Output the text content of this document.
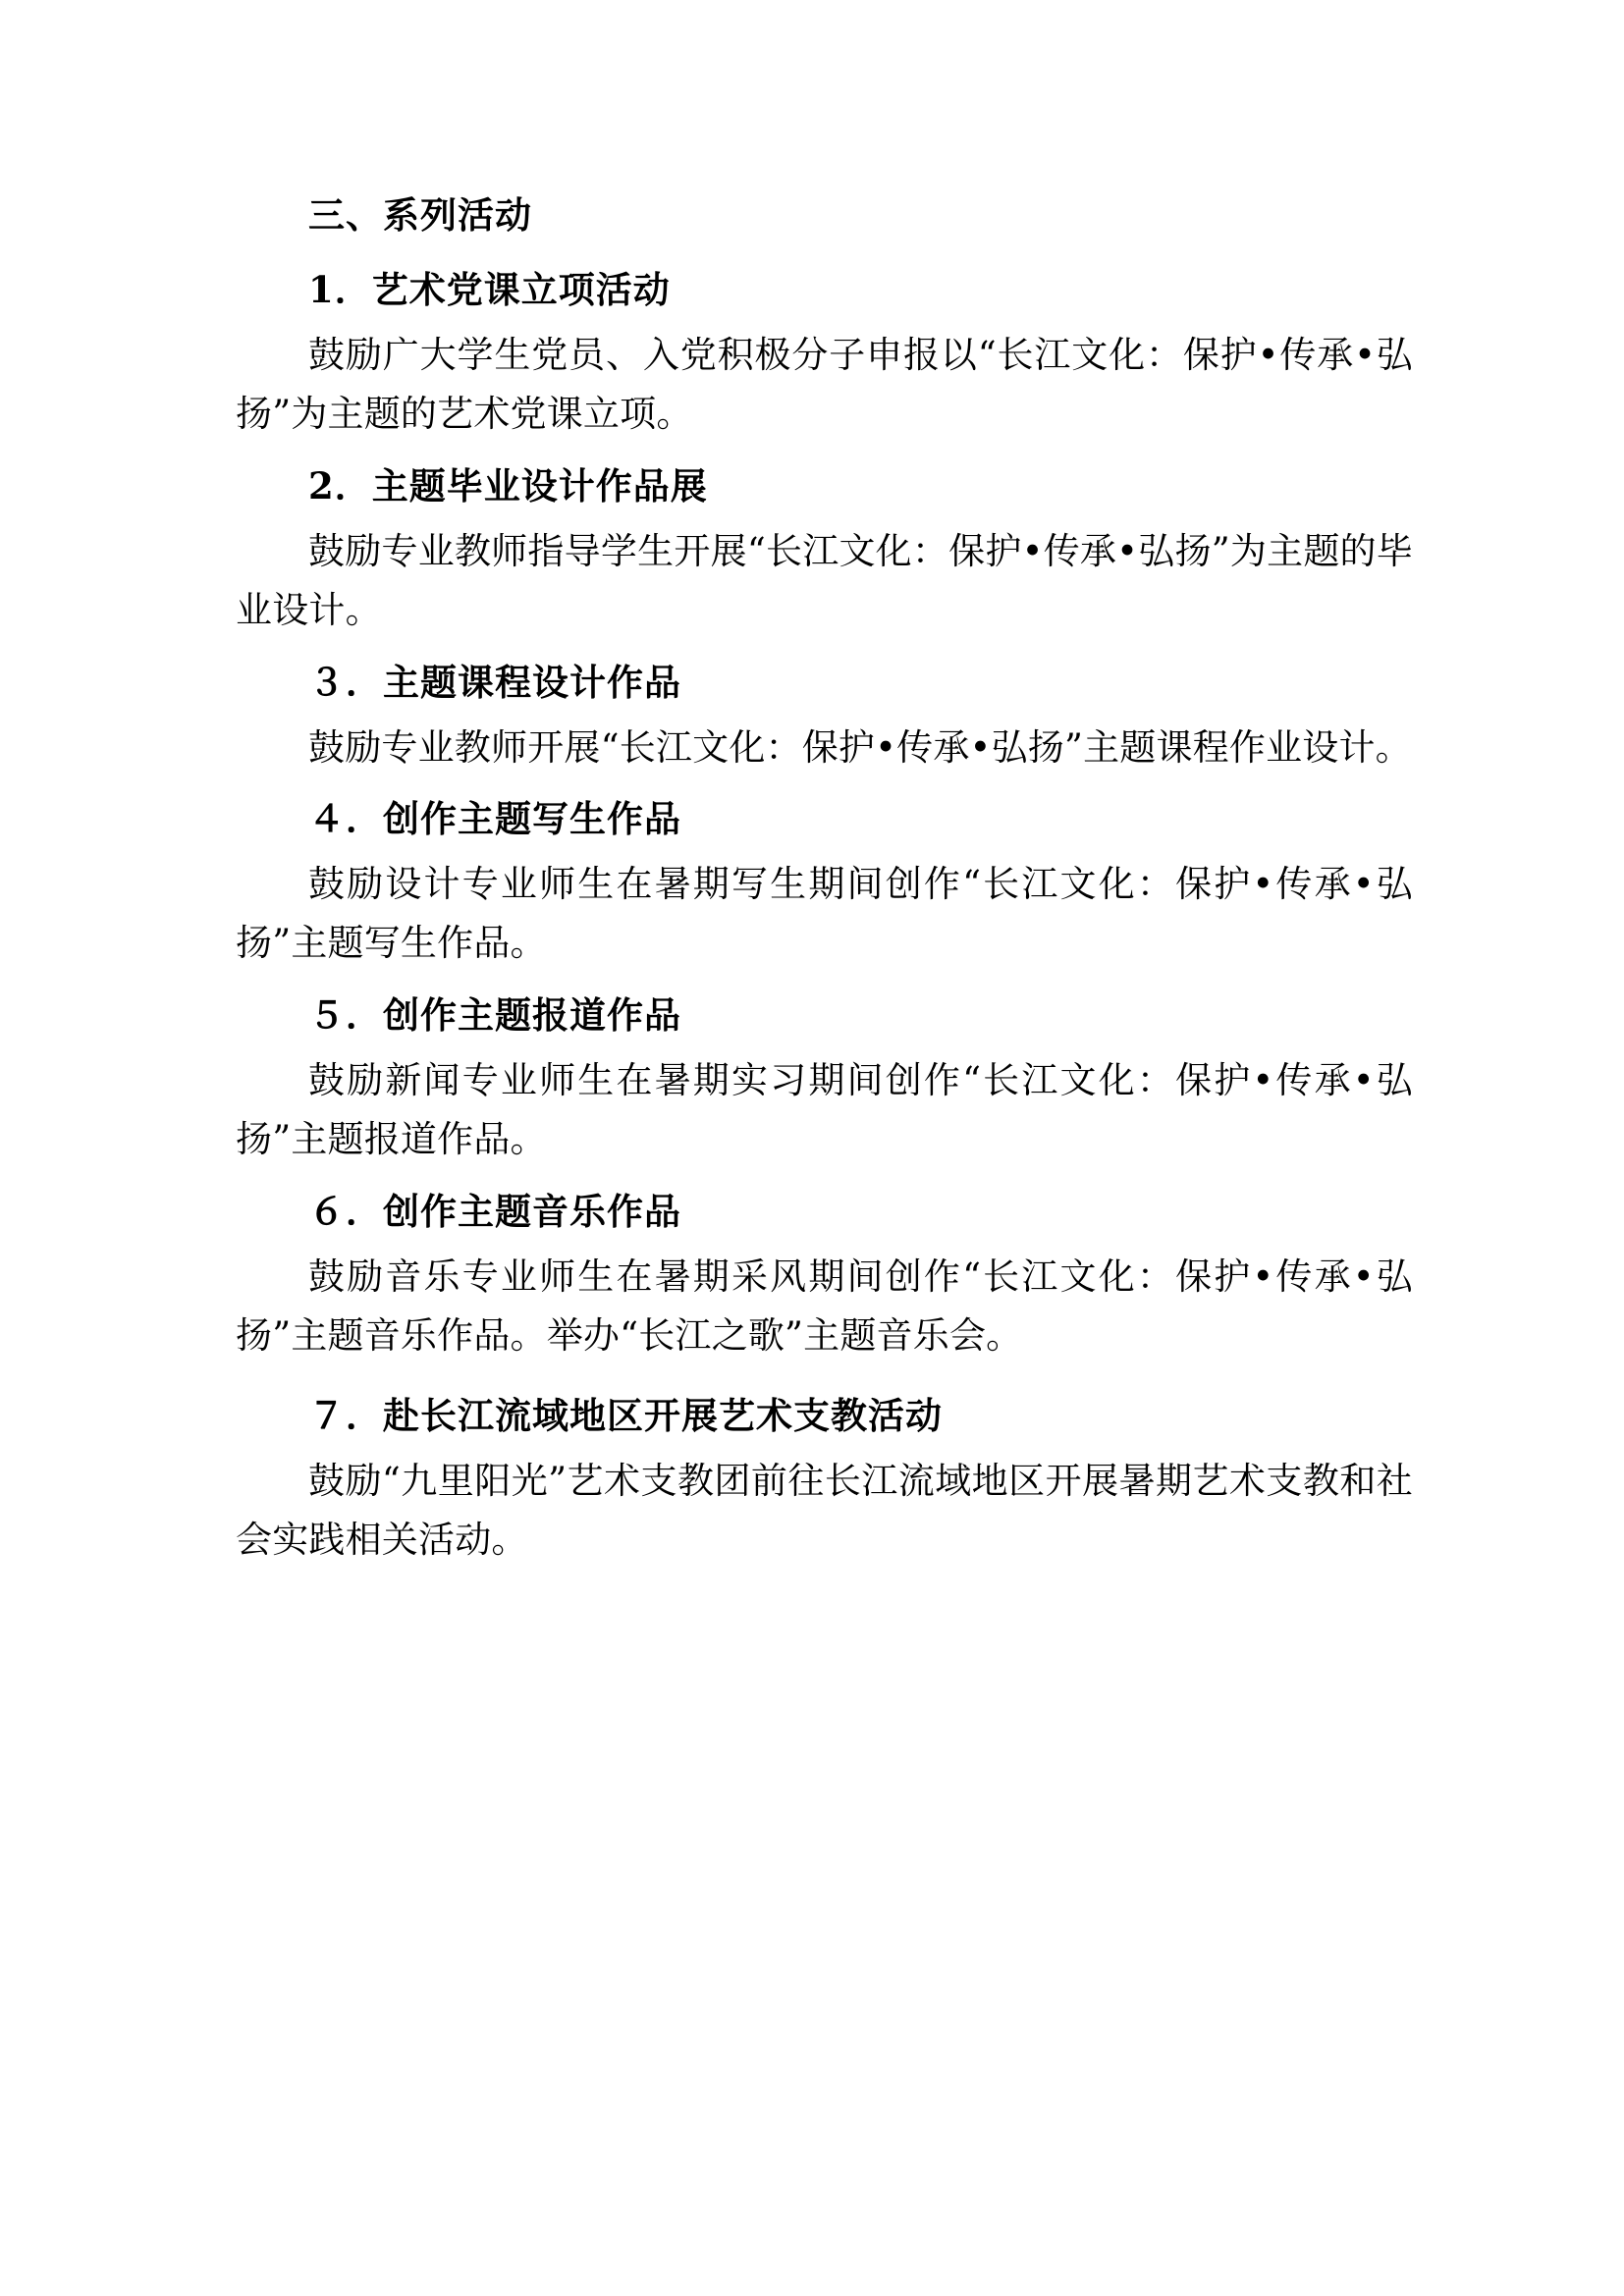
三、系列活动

1．艺术党课立项活动

鼓励广大学生党员、入党积极分子申报以“长江文化：保护•传承•弘扬”为主题的艺术党课立项。

2．主题毕业设计作品展

鼓励专业教师指导学生开展“长江文化：保护•传承•弘扬”为主题的毕业设计。

３．主题课程设计作品

鼓励专业教师开展“长江文化：保护•传承•弘扬”主题课程作业设计。

４．创作主题写生作品

鼓励设计专业师生在暑期写生期间创作“长江文化：保护•传承•弘扬”主题写生作品。

５．创作主题报道作品

鼓励新闻专业师生在暑期实习期间创作“长江文化：保护•传承•弘扬”主题报道作品。

６．创作主题音乐作品

鼓励音乐专业师生在暑期采风期间创作“长江文化：保护•传承•弘扬”主题音乐作品。举办“长江之歌”主题音乐会。

７．赴长江流域地区开展艺术支教活动

鼓励“九里阳光”艺术支教团前往长江流域地区开展暑期艺术支教和社会实践相关活动。
